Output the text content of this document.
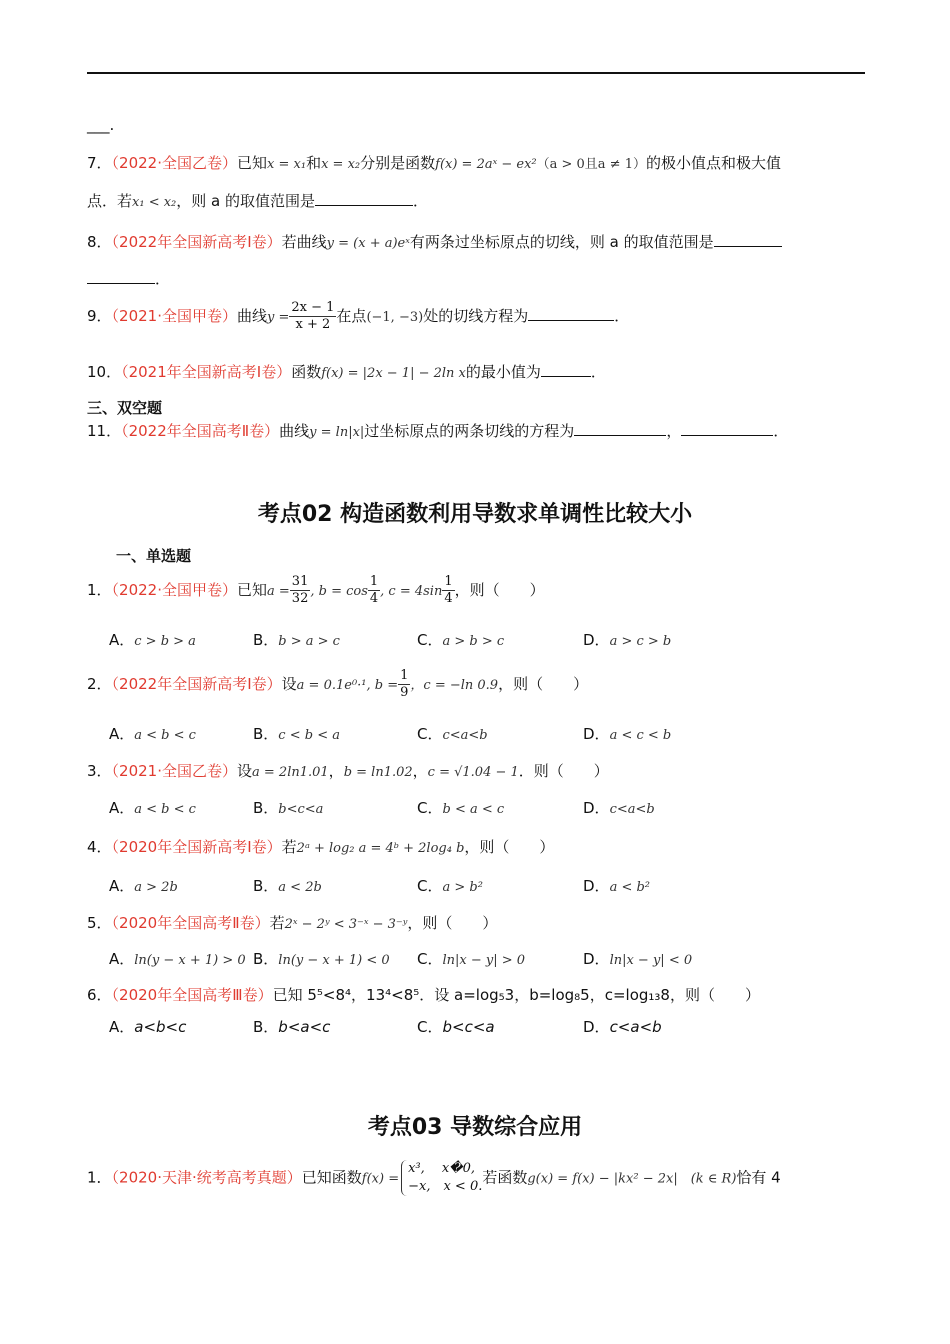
___.
7．（2022·全国乙卷）已知x = x₁和x = x₂分别是函数f(x) = 2aˣ − ex²（a > 0且a ≠ 1）的极小值点和极大值
点．若x₁ < x₂，则 a 的取值范围是	．
8．（2022年全国新高考Ⅰ卷）若曲线y = (x + a)eˣ有两条过坐标原点的切线，则 a 的取值范围是
．
9．（2021·全国甲卷）曲线$y = \frac{2x - 1}{x + 2}$ 在点(−1, −3)处的切线方程为	．
10．（2021年全国新高考Ⅰ卷）函数f(x) = |2x − 1| − 2ln x的最小值为	．
三、双空题
11．（2022年全国高考Ⅱ卷）曲线y = ln|x|过坐标原点的两条切线的方程为	，	．
考点02 构造函数利用导数求单调性比较大小
一、单选题
1．（2022·全国甲卷）已知$a = \frac{31}{32}$ , $b = \cos \frac{1}{4}$ , $c = 4\sin \frac{1}{4}$ ，则（　　）
A．c > b > a	B．b > a > c	C．a > b > c	D．a > c > b
2．（2022年全国新高考Ⅰ卷）设a = 0.1e⁰·¹, $b = \frac{1}{9}$ ，c = −ln 0.9，则（　　）
A．a < b < c	B．c < b < a	C．c<a<b	D．a < c < b
3．（2021·全国乙卷）设a = 2ln1.01，b = ln1.02，c = √1.04 − 1．则（　　）
A．a < b < c	B．b<c<a	C．b < a < c	D．c<a<b
4．（2020年全国新高考Ⅰ卷）若2ᵃ + log₂ a = 4ᵇ + 2log₄ b，则（　　）
A．a > 2b	B．a < 2b	C．a > b²	D．a < b²
5．（2020年全国高考Ⅱ卷）若2ˣ − 2ʸ < 3⁻ˣ − 3⁻ʸ，则（　　）
A．ln(y − x + 1) > 0 B．ln(y − x + 1) < 0 C．ln|x − y| > 0	D．ln|x − y| < 0
6．（2020年全国高考Ⅲ卷）已知 5⁵<8⁴，13⁴<8⁵．设 a=log₅3，b=log₈5，c=log₁₃8，则（　　）
A．a<b<c	B．b<a<c	C．b<c<a	D．c<a<b
考点03 导数综合应用
1．（2020·天津·统考高考真题）已知函数f(x) =
x³,　 x�0,
−x,　x < 0. 若函数g(x) = f(x) − |kx² − 2x|　(k ∈ R)恰有 4
